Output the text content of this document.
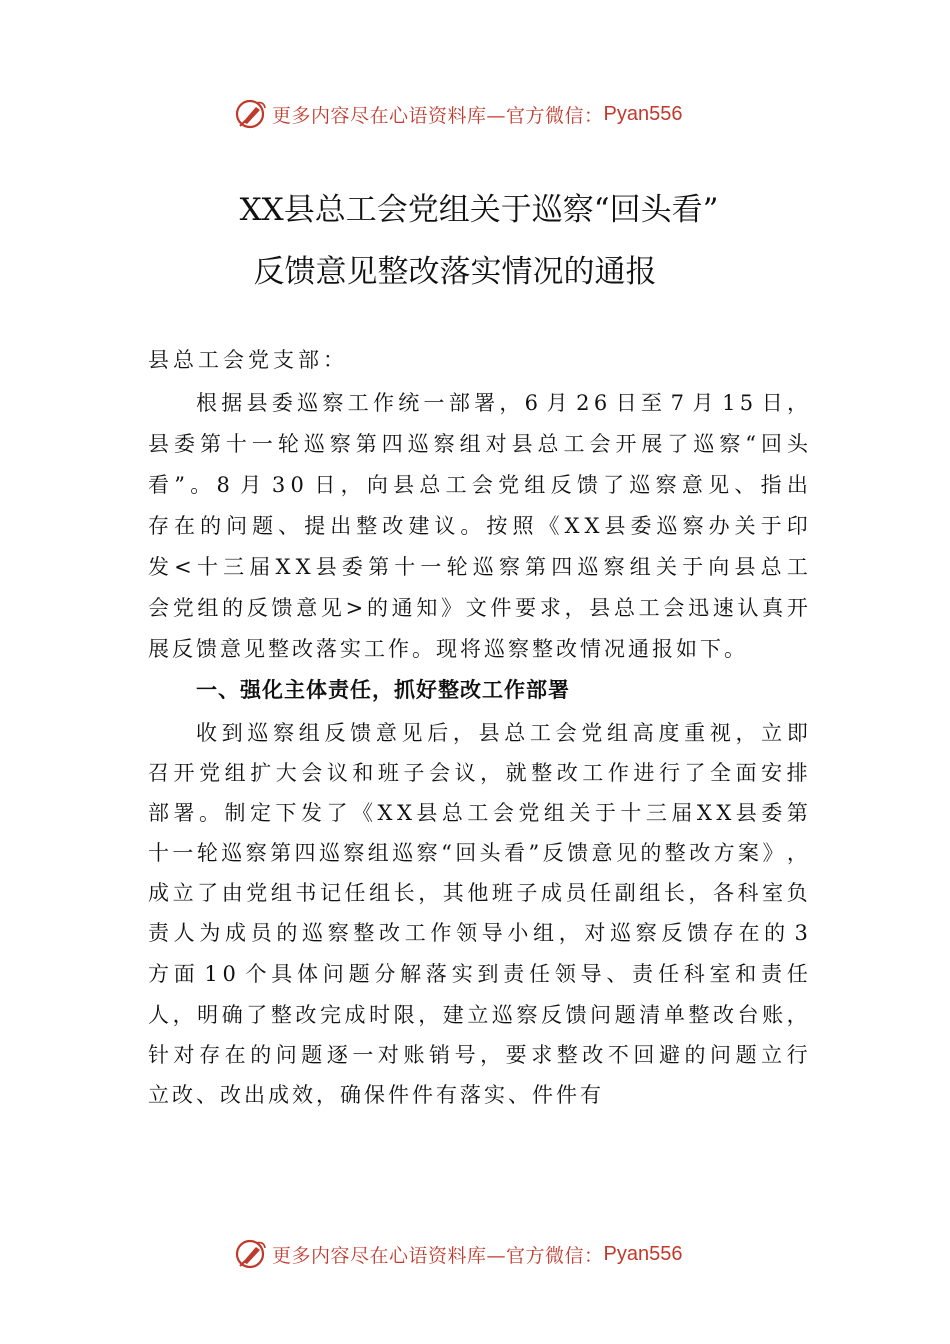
更多内容尽在心语资料库—官方微信： Pyan556
XX县总工会党组关于巡察“回头看”
反馈意见整改落实情况的通报
县总工会党支部：
根 据 县 委 巡 察 工 作 统 一 部 署 ， 6 月 2 6 日 至 7 月 1 5 日 ，
县 委 第 十 一 轮 巡 察 第 四 巡 察 组 对 县 总 工 会 开 展 了 巡 察 “ 回 头
看 ” 。 8 月 3 0 日 ， 向 县 总 工 会 党 组 反 馈 了 巡 察 意 见 、 指 出
存 在 的 问 题 、 提 出 整 改 建 议 。 按 照 《 X X 县 委 巡 察 办 关 于 印
发 < 十 三 届 X X 县 委 第 十 一 轮 巡 察 第 四 巡 察 组 关 于 向 县 总 工
会 党 组 的 反 馈 意 见 > 的 通 知 》 文 件 要 求 ， 县 总 工 会 迅 速 认 真 开
展反馈意见整改落实工作。现将巡察整改情况通报如下。
一、强化主体责任，抓好整改工作部署
收 到 巡 察 组 反 馈 意 见 后 ， 县 总 工 会 党 组 高 度 重 视 ， 立 即
召 开 党 组 扩 大 会 议 和 班 子 会 议 ， 就 整 改 工 作 进 行 了 全 面 安 排
部 署 。 制 定 下 发 了 《 X X 县 总 工 会 党 组 关 于 十 三 届 X X 县 委 第
十 一 轮 巡 察 第 四 巡 察 组 巡 察 “ 回 头 看 ” 反 馈 意 见 的 整 改 方 案 》 ，
成 立 了 由 党 组 书 记 任 组 长 ， 其 他 班 子 成 员 任 副 组 长 ， 各 科 室 负
责 人 为 成 员 的 巡 察 整 改 工 作 领 导 小 组 ， 对 巡 察 反 馈 存 在 的 3
方 面 1 0 个 具 体 问 题 分 解 落 实 到 责 任 领 导 、 责 任 科 室 和 责 任
人 ， 明 确 了 整 改 完 成 时 限 ， 建 立 巡 察 反 馈 问 题 清 单 整 改 台 账 ，
针 对 存 在 的 问 题 逐 一 对 账 销 号 ， 要 求 整 改 不 回 避 的 问 题 立 行
立改、改出成效，确保件件有落实、件件有
更多内容尽在心语资料库—官方微信： Pyan556
